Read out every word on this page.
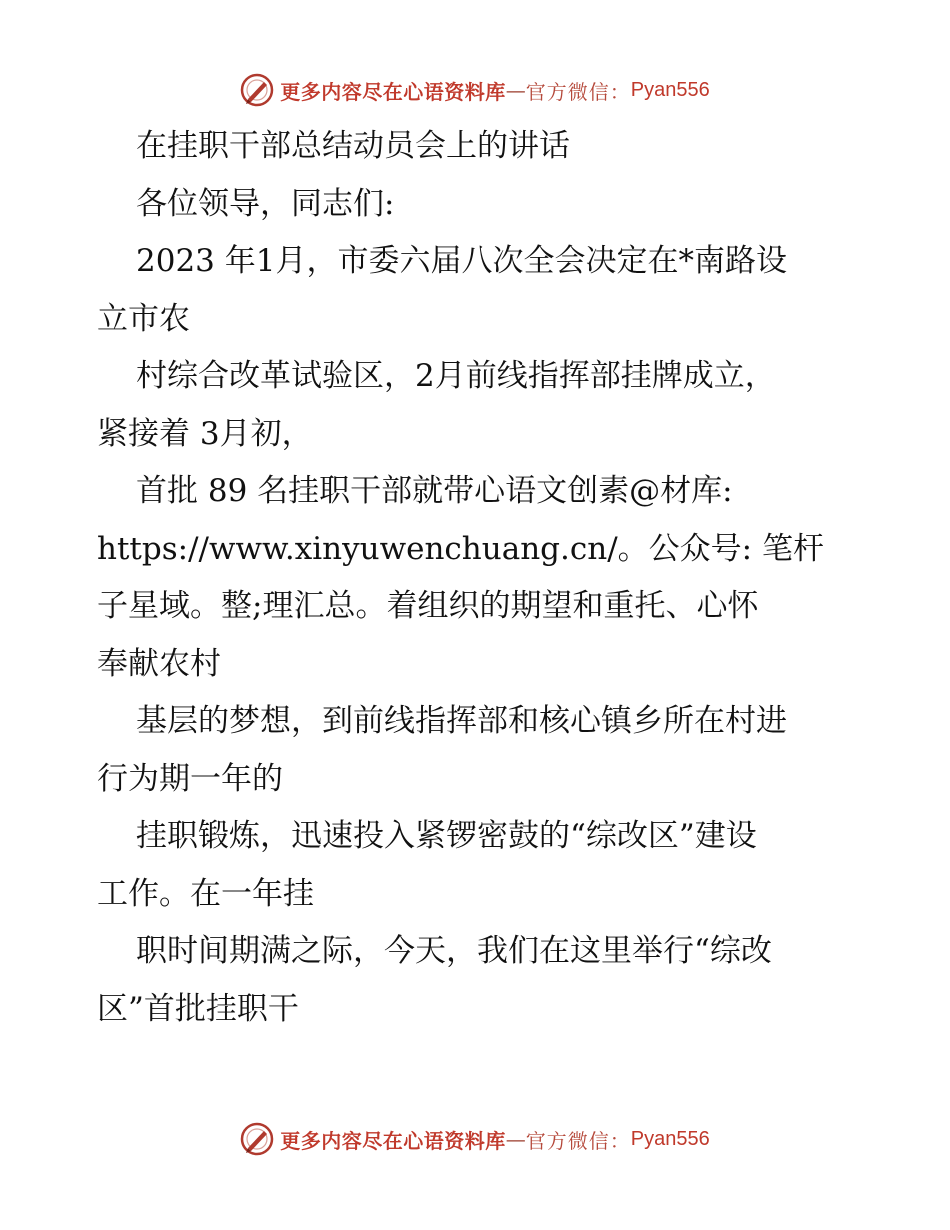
更多内容尽在心语资料库 — 官方微信： Pyan556

在挂职干部总结动员会上的讲话

各位领导，同志们:

2023 年1月，市委六届八次全会决定在*南路设

立市农

村综合改革试验区，2月前线指挥部挂牌成立，

紧接着 3月初，

首批 89 名挂职干部就带心语文创素@材库:

https://www.xinyuwenchuang.cn/。公众号: 笔杆

子星域。整;理汇总。着组织的期望和重托、心怀

奉献农村

基层的梦想，到前线指挥部和核心镇乡所在村进

行为期一年的

挂职锻炼，迅速投入紧锣密鼓的“综改区”建设

工作。在一年挂

职时间期满之际，今天，我们在这里举行“综改

区”首批挂职干

更多内容尽在心语资料库 — 官方微信： Pyan556
